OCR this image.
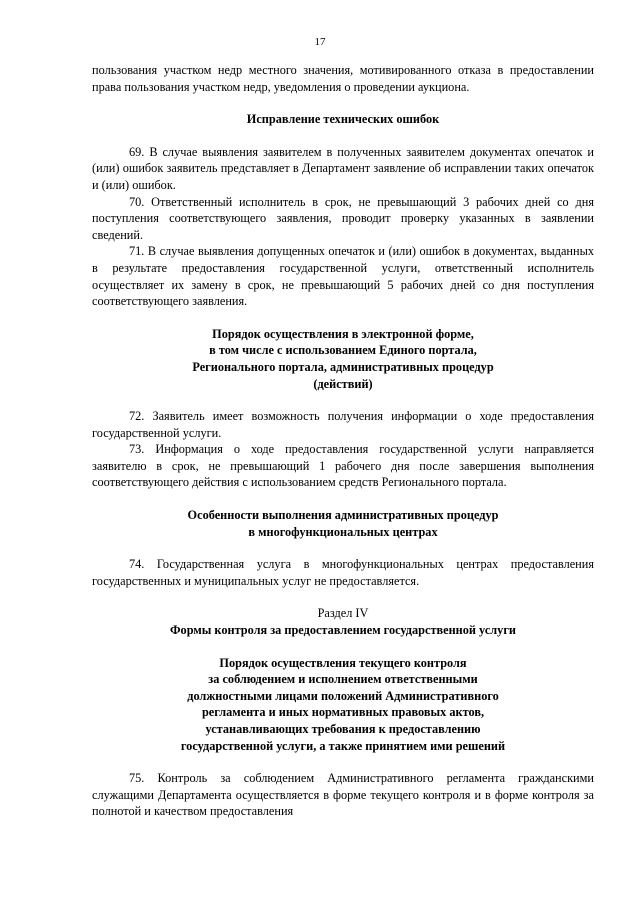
17

пользования участком недр местного значения, мотивированного отказа в предоставлении права пользования участком недр, уведомления о проведении аукциона.

Исправление технических ошибок

69. В случае выявления заявителем в полученных заявителем документах опечаток и (или) ошибок заявитель представляет в Департамент заявление об исправлении таких опечаток и (или) ошибок.

70. Ответственный исполнитель в срок, не превышающий 3 рабочих дней со дня поступления соответствующего заявления, проводит проверку указанных в заявлении сведений.

71. В случае выявления допущенных опечаток и (или) ошибок в документах, выданных в результате предоставления государственной услуги, ответственный исполнитель осуществляет их замену в срок, не превышающий 5 рабочих дней со дня поступления соответствующего заявления.

Порядок осуществления в электронной форме,

в том числе с использованием Единого портала,

Регионального портала, административных процедур

(действий)

72. Заявитель имеет возможность получения информации о ходе предоставления государственной услуги.

73. Информация о ходе предоставления государственной услуги направляется заявителю в срок, не превышающий 1 рабочего дня после завершения выполнения соответствующего действия с использованием средств Регионального портала.

Особенности выполнения административных процедур

в многофункциональных центрах

74. Государственная услуга в многофункциональных центрах предоставления государственных и муниципальных услуг не предоставляется.

Раздел IV

Формы контроля за предоставлением государственной услуги

Порядок осуществления текущего контроля

за соблюдением и исполнением ответственными

должностными лицами положений Административного

регламента и иных нормативных правовых актов,

устанавливающих требования к предоставлению

государственной услуги, а также принятием ими решений

75. Контроль за соблюдением Административного регламента гражданскими служащими Департамента осуществляется в форме текущего контроля и в форме контроля за полнотой и качеством предоставления
